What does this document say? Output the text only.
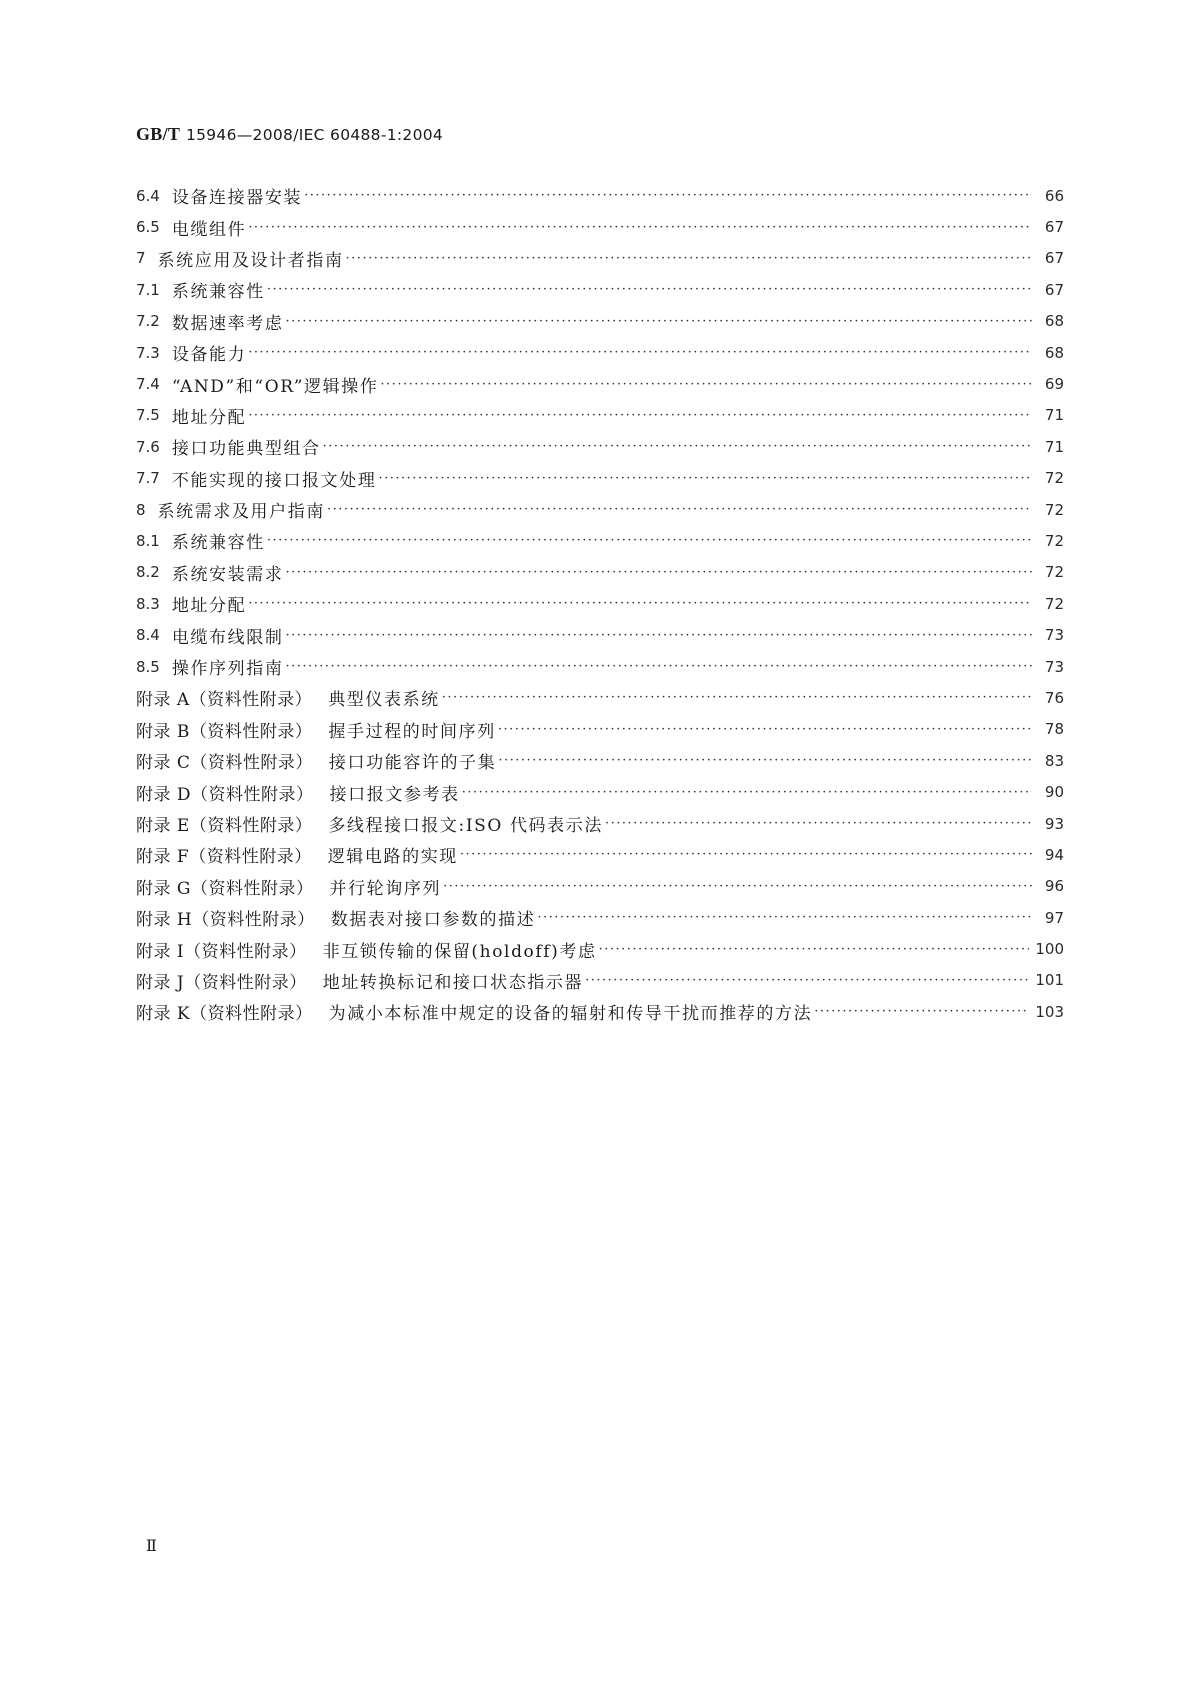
GB/T 15946—2008/IEC 60488-1:2004
6.4 设备连接器安装 ·····	66
6.5 电缆组件 ·····	67
7 系统应用及设计者指南 ·····	67
7.1 系统兼容性 ·····	67
7.2 数据速率考虑 ·····	68
7.3 设备能力 ·····	68
7.4 “AND”和“OR”逻辑操作 ·····	69
7.5 地址分配 ·····	71
7.6 接口功能典型组合 ·····	71
7.7 不能实现的接口报文处理 ·····	72
8 系统需求及用户指南 ·····	72
8.1 系统兼容性 ·····	72
8.2 系统安装需求 ·····	72
8.3 地址分配 ·····	72
8.4 电缆布线限制 ·····	73
8.5 操作序列指南 ·····	73
附录 A（资料性附录） 典型仪表系统 ·····	76
附录 B（资料性附录） 握手过程的时间序列 ·····	78
附录 C（资料性附录） 接口功能容许的子集 ·····	83
附录 D（资料性附录） 接口报文参考表 ·····	90
附录 E（资料性附录） 多线程接口报文:ISO 代码表示法 ·····	93
附录 F（资料性附录） 逻辑电路的实现 ·····	94
附录 G（资料性附录） 并行轮询序列 ·····	96
附录 H（资料性附录） 数据表对接口参数的描述 ·····	97
附录 I（资料性附录） 非互锁传输的保留(holdoff)考虑 ·····	100
附录 J（资料性附录） 地址转换标记和接口状态指示器 ·····	101
附录 K（资料性附录） 为减小本标准中规定的设备的辐射和传导干扰而推荐的方法 ·····	103
Ⅱ
